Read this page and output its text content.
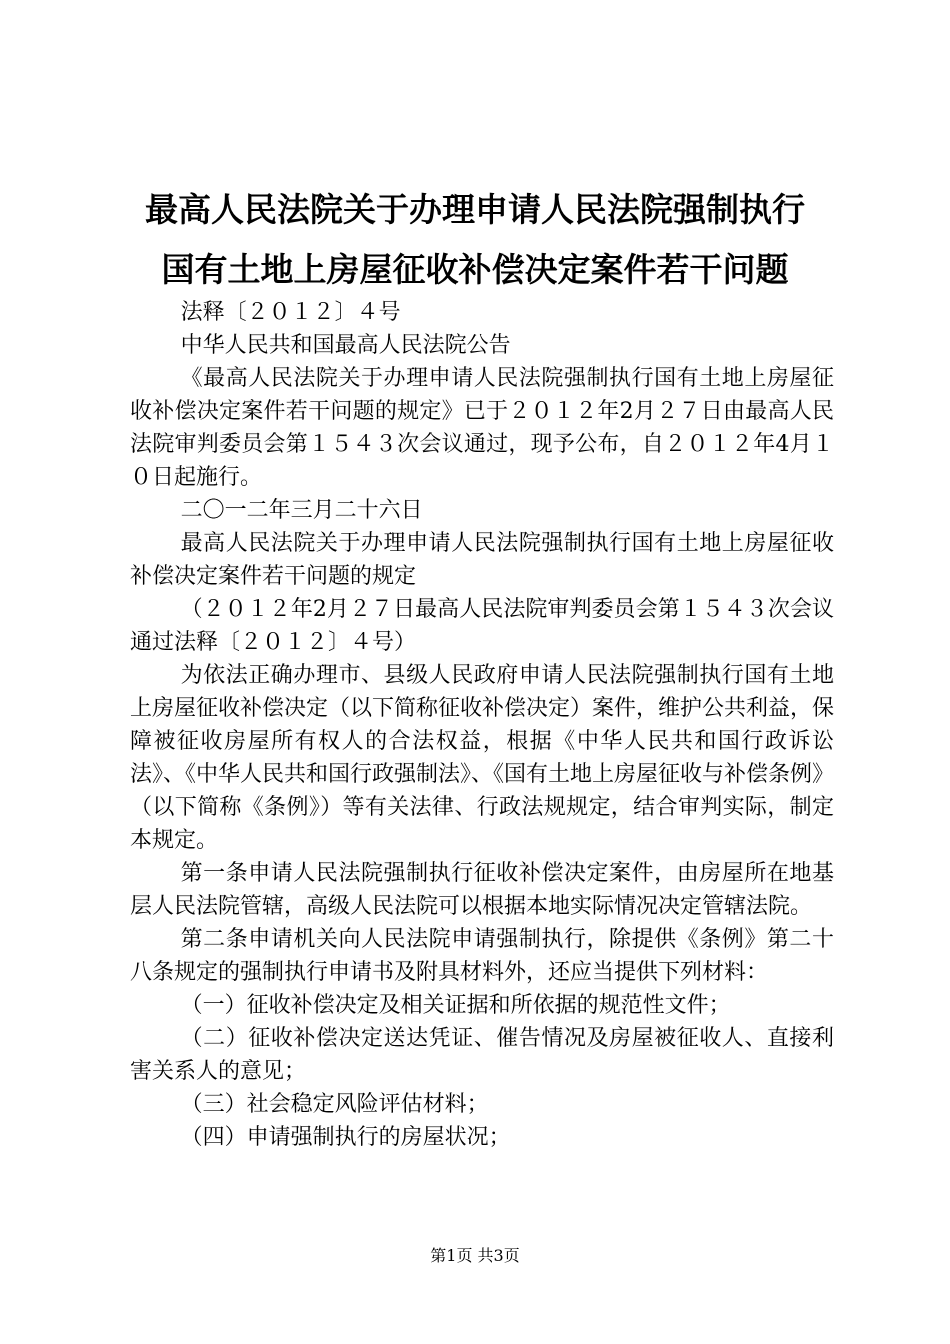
最高人民法院关于办理申请人民法院强制执行
国有土地上房屋征收补偿决定案件若干问题

法释〔２０１２〕４号

中华人民共和国最高人民法院公告

《最高人民法院关于办理申请人民法院强制执行国有土地上房屋征收补偿决定案件若干问题的规定》已于２０１２年2月２７日由最高人民法院审判委员会第１５４３次会议通过，现予公布，自２０１２年4月１０日起施行。

二〇一二年三月二十六日

最高人民法院关于办理申请人民法院强制执行国有土地上房屋征收补偿决定案件若干问题的规定

（２０１２年2月２７日最高人民法院审判委员会第１５４３次会议通过法释〔２０１２〕４号）

为依法正确办理市、县级人民政府申请人民法院强制执行国有土地上房屋征收补偿决定（以下简称征收补偿决定）案件，维护公共利益，保障被征收房屋所有权人的合法权益，根据《中华人民共和国行政诉讼法》、《中华人民共和国行政强制法》、《国有土地上房屋征收与补偿条例》（以下简称《条例》）等有关法律、行政法规规定，结合审判实际，制定本规定。

第一条申请人民法院强制执行征收补偿决定案件，由房屋所在地基层人民法院管辖，高级人民法院可以根据本地实际情况决定管辖法院。

第二条申请机关向人民法院申请强制执行，除提供《条例》第二十八条规定的强制执行申请书及附具材料外，还应当提供下列材料：

（一）征收补偿决定及相关证据和所依据的规范性文件；

（二）征收补偿决定送达凭证、催告情况及房屋被征收人、直接利害关系人的意见；

（三）社会稳定风险评估材料；

（四）申请强制执行的房屋状况；

第1页 共3页
